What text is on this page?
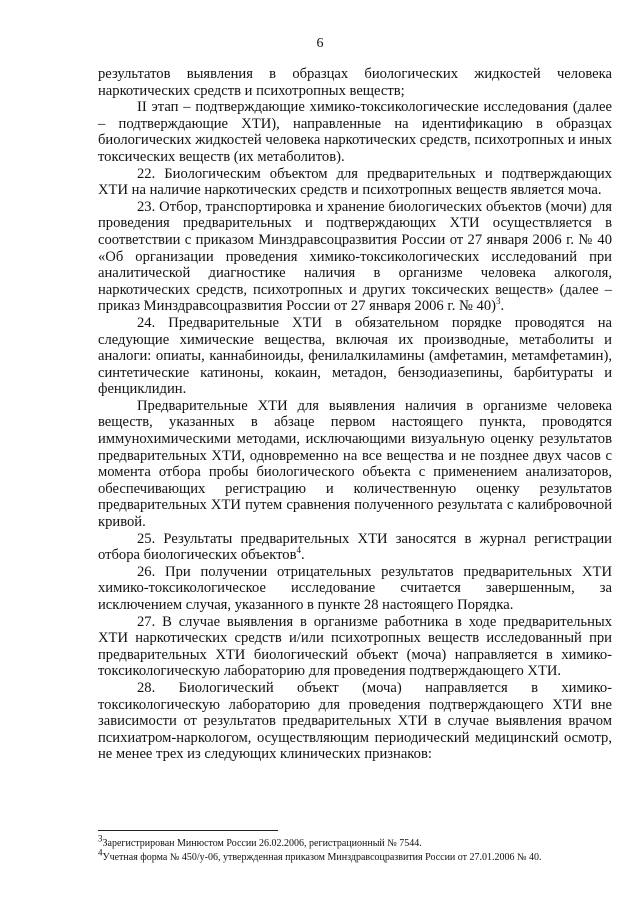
6

результатов выявления в образцах биологических жидкостей человека наркотических средств и психотропных веществ;

II этап – подтверждающие химико-токсикологические исследования (далее – подтверждающие ХТИ), направленные на идентификацию в образцах биологических жидкостей человека наркотических средств, психотропных и иных токсических веществ (их метаболитов).

22. Биологическим объектом для предварительных и подтверждающих ХТИ на наличие наркотических средств и психотропных веществ является моча.

23. Отбор, транспортировка и хранение биологических объектов (мочи) для проведения предварительных и подтверждающих ХТИ осуществляется в соответствии с приказом Минздравсоцразвития России от 27 января 2006 г. № 40 «Об организации проведения химико-токсикологических исследований при аналитической диагностике наличия в организме человека алкоголя, наркотических средств, психотропных и других токсических веществ» (далее – приказ Минздравсоцразвития России от 27 января 2006 г. № 40)$^3$.

24. Предварительные ХТИ в обязательном порядке проводятся на следующие химические вещества, включая их производные, метаболиты и аналоги: опиаты, каннабиноиды, фенилалкиламины (амфетамин, метамфетамин), синтетические катиноны, кокаин, метадон, бензодиазепины, барбитураты и фенциклидин.

Предварительные ХТИ для выявления наличия в организме человека веществ, указанных в абзаце первом настоящего пункта, проводятся иммунохимическими методами, исключающими визуальную оценку результатов предварительных ХТИ, одновременно на все вещества и не позднее двух часов с момента отбора пробы биологического объекта с применением анализаторов, обеспечивающих регистрацию и количественную оценку результатов предварительных ХТИ путем сравнения полученного результата с калибровочной кривой.

25. Результаты предварительных ХТИ заносятся в журнал регистрации отбора биологических объектов$^4$.

26. При получении отрицательных результатов предварительных ХТИ химико-токсикологическое исследование считается завершенным, за исключением случая, указанного в пункте 28 настоящего Порядка.

27. В случае выявления в организме работника в ходе предварительных ХТИ наркотических средств и/или психотропных веществ исследованный при предварительных ХТИ биологический объект (моча) направляется в химико-токсикологическую лабораторию для проведения подтверждающего ХТИ.

28. Биологический объект (моча) направляется в химико-токсикологическую лабораторию для проведения подтверждающего ХТИ вне зависимости от результатов предварительных ХТИ в случае выявления врачом психиатром-наркологом, осуществляющим периодический медицинский осмотр, не менее трех из следующих клинических признаков:

$^3$Зарегистрирован Минюстом России 26.02.2006, регистрационный № 7544.

$^4$Учетная форма № 450/у-06, утвержденная приказом Минздравсоцразвития России от 27.01.2006 № 40.
